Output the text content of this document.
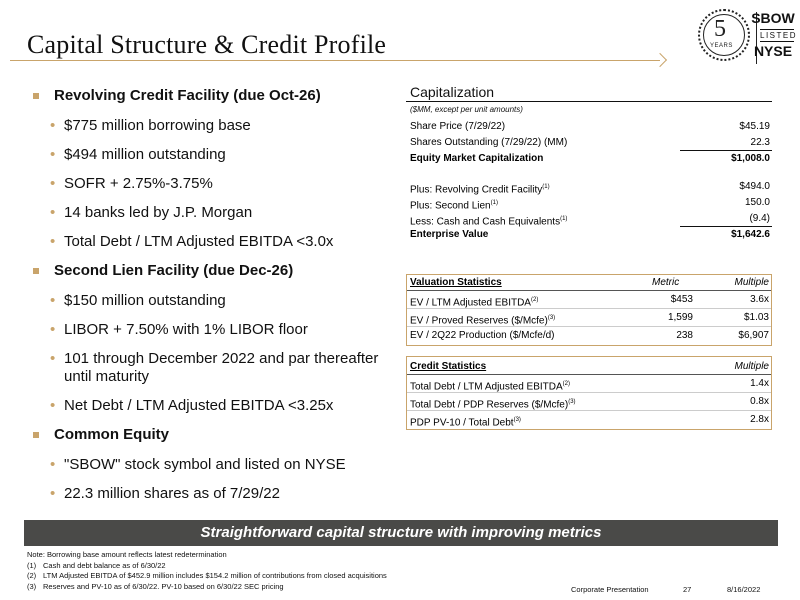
Capital Structure & Credit Profile
5
YEARS
SBOW
LISTED
NYSE
Revolving Credit Facility (due Oct-26)
• $775 million borrowing base
• $494 million outstanding
• SOFR + 2.75%-3.75%
• 14 banks led by J.P. Morgan
• Total Debt / LTM Adjusted EBITDA <3.0x
Second Lien Facility (due Dec-26)
• $150 million outstanding
• LIBOR + 7.50% with 1% LIBOR floor
• 101 through December 2022 and par thereafter until maturity
• Net Debt / LTM Adjusted EBITDA <3.25x
Common Equity
• "SBOW" stock symbol and listed on NYSE
• 22.3 million shares as of 7/29/22
Capitalization
($MM, except per unit amounts)
Share Price (7/29/22)	$45.19
Shares Outstanding (7/29/22) (MM)	22.3
Equity Market Capitalization	$1,008.0
Plus: Revolving Credit Facility$^{(1)}$	$494.0
Plus: Second Lien$^{(1)}$	150.0
Less: Cash and Cash Equivalents$^{(1)}$	(9.4)
Enterprise Value	$1,642.6
Valuation Statistics	Metric	Multiple
EV / LTM Adjusted EBITDA$^{(2)}$	$453	3.6x
EV / Proved Reserves ($/Mcfe)$^{(3)}$	1,599	$1.03
EV / 2Q22 Production ($/Mcfe/d)	238	$6,907
Credit Statistics	Multiple
Total Debt / LTM Adjusted EBITDA$^{(2)}$	1.4x
Total Debt / PDP Reserves ($/Mcfe)$^{(3)}$	0.8x
PDP PV-10 / Total Debt$^{(3)}$	2.8x
Straightforward capital structure with improving metrics
Note: Borrowing base amount reflects latest redetermination
(1) Cash and debt balance as of 6/30/22
(2) LTM Adjusted EBITDA of $452.9 million includes $154.2 million of contributions from closed acquisitions
(3) Reserves and PV-10 as of 6/30/22. PV-10 based on 6/30/22 SEC pricing	Corporate Presentation	27	8/16/2022
